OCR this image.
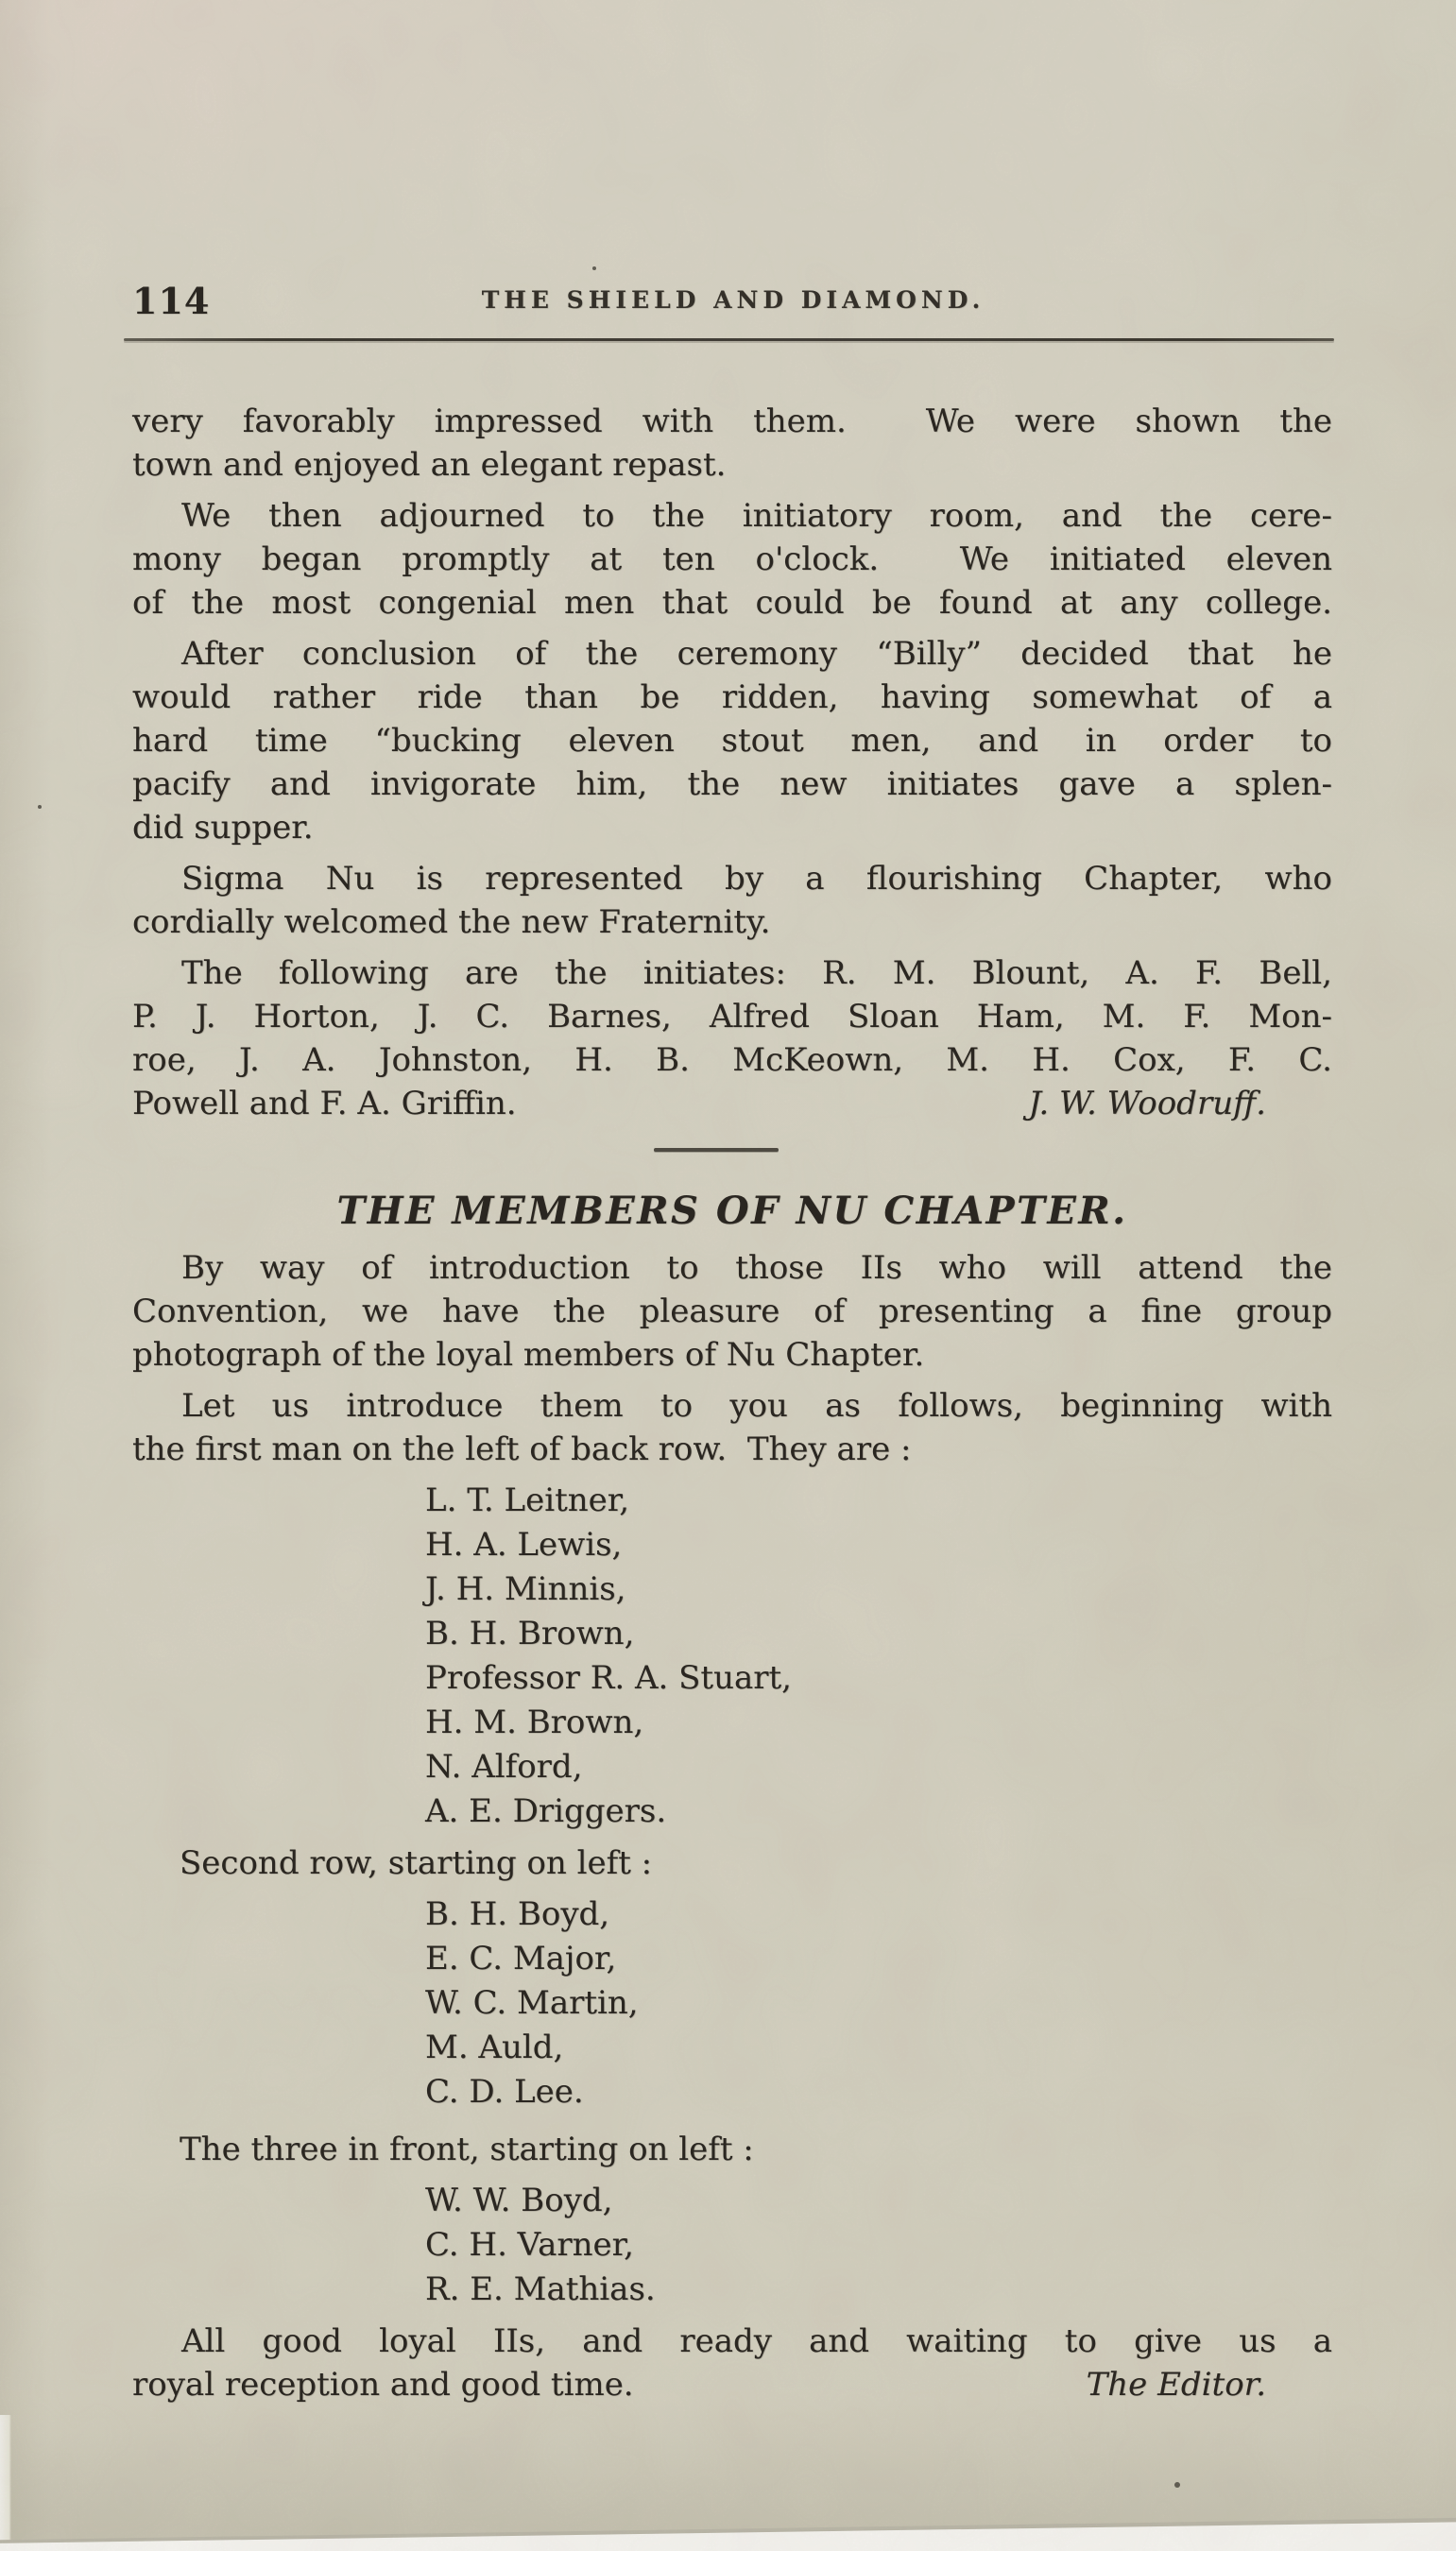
114	THE SHIELD AND DIAMOND.
very favorably impressed with them.  We were shown the
town and enjoyed an elegant repast.
We then adjourned to the initiatory room, and the cere-
mony began promptly at ten o'clock.  We initiated eleven
of the most congenial men that could be found at any college.
After conclusion of the ceremony “Billy” decided that he
would rather ride than be ridden, having somewhat of a
hard time “bucking eleven stout men, and in order to
pacify and invigorate him, the new initiates gave a splen-
did supper.
Sigma Nu is represented by a flourishing Chapter, who
cordially welcomed the new Fraternity.
The following are the initiates: R. M. Blount, A. F. Bell,
P. J. Horton, J. C. Barnes, Alfred Sloan Ham, M. F. Mon-
roe, J. A. Johnston, H. B. McKeown, M. H. Cox, F. C.
Powell and F. A. Griffin.	J. W. Woodruff.
THE MEMBERS OF NU CHAPTER.
By way of introduction to those IIs who will attend the
Convention, we have the pleasure of presenting a fine group
photograph of the loyal members of Nu Chapter.
Let us introduce them to you as follows, beginning with
the first man on the left of back row.  They are :
L. T. Leitner,
H. A. Lewis,
J. H. Minnis,
B. H. Brown,
Professor R. A. Stuart,
H. M. Brown,
N. Alford,
A. E. Driggers.
Second row, starting on left :
B. H. Boyd,
E. C. Major,
W. C. Martin,
M. Auld,
C. D. Lee.
The three in front, starting on left :
W. W. Boyd,
C. H. Varner,
R. E. Mathias.
All good loyal IIs, and ready and waiting to give us a
royal reception and good time.	The Editor.
